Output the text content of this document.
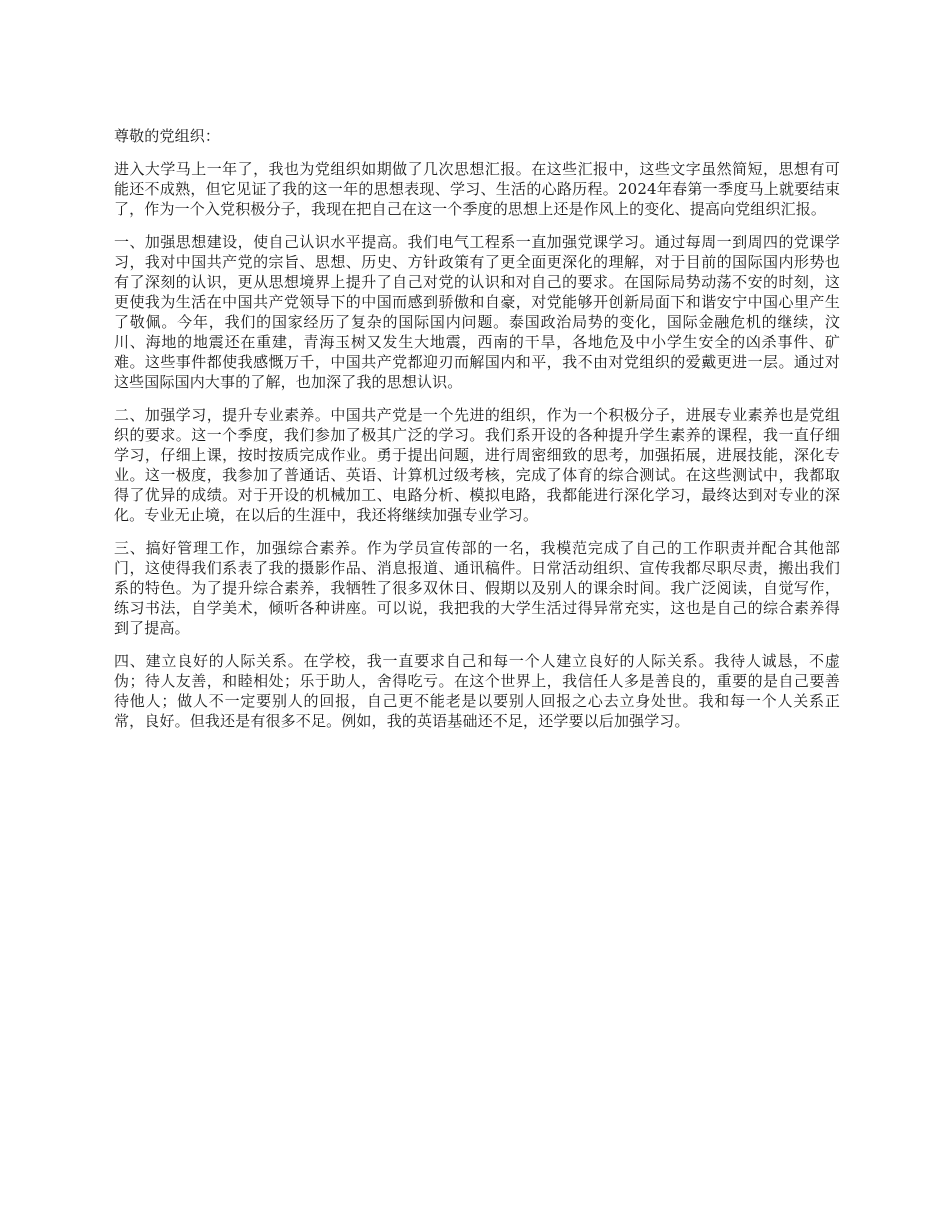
尊敬的党组织：

进入大学马上一年了，我也为党组织如期做了几次思想汇报。在这些汇报中，这些文字虽然简短，思想有可能还不成熟，但它见证了我的这一年的思想表现、学习、生活的心路历程。2024年春第一季度马上就要结束了，作为一个入党积极分子，我现在把自己在这一个季度的思想上还是作风上的变化、提高向党组织汇报。

一、加强思想建设，使自己认识水平提高。我们电气工程系一直加强党课学习。通过每周一到周四的党课学习，我对中国共产党的宗旨、思想、历史、方针政策有了更全面更深化的理解，对于目前的国际国内形势也有了深刻的认识，更从思想境界上提升了自己对党的认识和对自己的要求。在国际局势动荡不安的时刻，这更使我为生活在中国共产党领导下的中国而感到骄傲和自豪，对党能够开创新局面下和谐安宁中国心里产生了敬佩。今年，我们的国家经历了复杂的国际国内问题。泰国政治局势的变化，国际金融危机的继续，汶川、海地的地震还在重建，青海玉树又发生大地震，西南的干旱，各地危及中小学生安全的凶杀事件、矿难。这些事件都使我感慨万千，中国共产党都迎刃而解国内和平，我不由对党组织的爱戴更进一层。通过对这些国际国内大事的了解，也加深了我的思想认识。

二、加强学习，提升专业素养。中国共产党是一个先进的组织，作为一个积极分子，进展专业素养也是党组织的要求。这一个季度，我们参加了极其广泛的学习。我们系开设的各种提升学生素养的课程，我一直仔细学习，仔细上课，按时按质完成作业。勇于提出问题，进行周密细致的思考，加强拓展，进展技能，深化专业。这一极度，我参加了普通话、英语、计算机过级考核，完成了体育的综合测试。在这些测试中，我都取得了优异的成绩。对于开设的机械加工、电路分析、模拟电路，我都能进行深化学习，最终达到对专业的深化。专业无止境，在以后的生涯中，我还将继续加强专业学习。

三、搞好管理工作，加强综合素养。作为学员宣传部的一名，我模范完成了自己的工作职责并配合其他部门，这使得我们系表了我的摄影作品、消息报道、通讯稿件。日常活动组织、宣传我都尽职尽责，搬出我们系的特色。为了提升综合素养，我牺牲了很多双休日、假期以及别人的课余时间。我广泛阅读，自觉写作，练习书法，自学美术，倾听各种讲座。可以说，我把我的大学生活过得异常充实，这也是自己的综合素养得到了提高。

四、建立良好的人际关系。在学校，我一直要求自己和每一个人建立良好的人际关系。我待人诚恳，不虚伪；待人友善，和睦相处；乐于助人，舍得吃亏。在这个世界上，我信任人多是善良的，重要的是自己要善待他人；做人不一定要别人的回报，自己更不能老是以要别人回报之心去立身处世。我和每一个人关系正常，良好。但我还是有很多不足。例如，我的英语基础还不足，还学要以后加强学习。
